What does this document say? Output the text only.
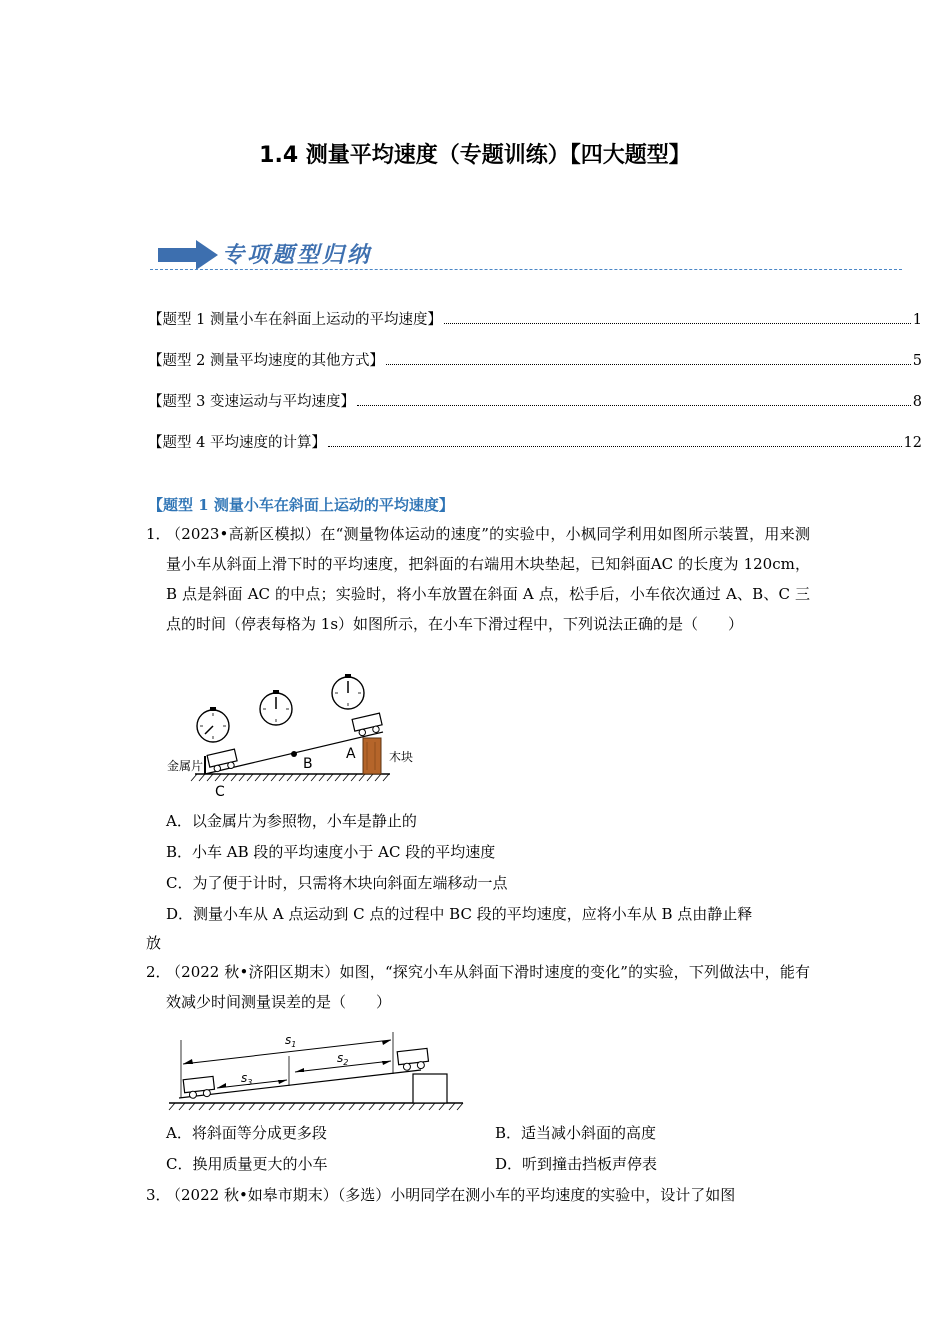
1.4 测量平均速度（专题训练）【四大题型】
专项题型归纳
【题型 1 测量小车在斜面上运动的平均速度】	1
【题型 2 测量平均速度的其他方式】	5
【题型 3 变速运动与平均速度】	8
【题型 4 平均速度的计算】	12
【题型 1 测量小车在斜面上运动的平均速度】
1．
（2023•高新区模拟）在“测量物体运动的速度”的实验中，小枫同学利用如图所示装置，用来测量小车从斜面上滑下时的平均速度，把斜面的右端用木块垫起，已知斜面AC 的长度为 120cm，B 点是斜面 AC 的中点；实验时，将小车放置在斜面 A 点，松手后，小车依次通过 A、B、C 三点的时间（停表每格为 1s）如图所示，在小车下滑过程中，下列说法正确的是（　　）
金属片
木块
A
B
C
A．以金属片为参照物，小车是静止的
B．小车 AB 段的平均速度小于 AC 段的平均速度
C．为了便于计时，只需将木块向斜面左端移动一点
D．测量小车从 A 点运动到 C 点的过程中 BC 段的平均速度，应将小车从 B 点由静止释
放
2．
（2022 秋•济阳区期末）如图，“探究小车从斜面下滑时速度的变化”的实验，下列做法中，能有效减少时间测量误差的是（　　）
$s_1$
$s_2$
$s_3$
A．将斜面等分成更多段	B．适当减小斜面的高度
C．换用质量更大的小车	D．听到撞击挡板声停表
3．
（2022 秋•如皋市期末）（多选）小明同学在测小车的平均速度的实验中，设计了如图
